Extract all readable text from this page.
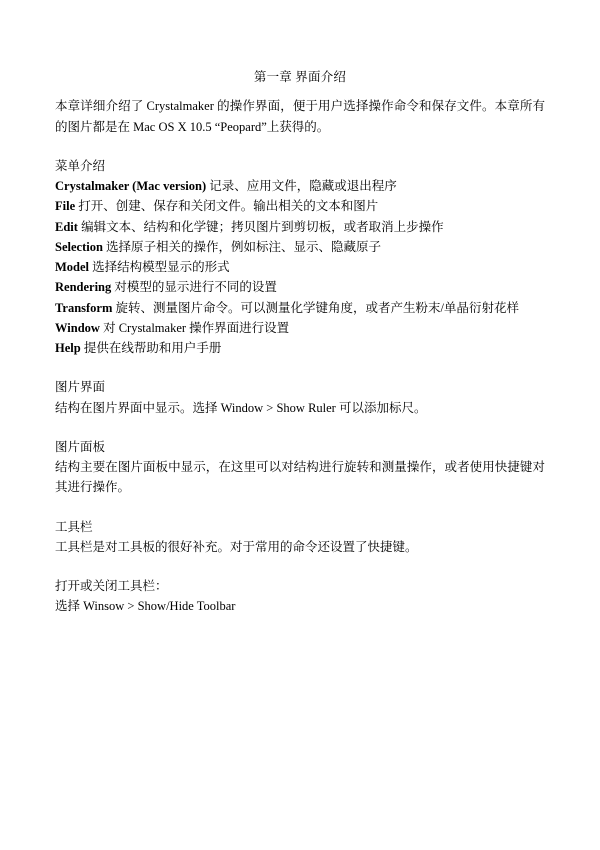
第一章 界面介绍

本章详细介绍了 Crystalmaker 的操作界面，便于用户选择操作命令和保存文件。本章所有的图片都是在 Mac OS X 10.5 “Peopard”上获得的。

菜单介绍

Crystalmaker (Mac version) 记录、应用文件，隐藏或退出程序
File 打开、创建、保存和关闭文件。输出相关的文本和图片
Edit 编辑文本、结构和化学键；拷贝图片到剪切板，或者取消上步操作
Selection 选择原子相关的操作，例如标注、显示、隐藏原子
Model 选择结构模型显示的形式
Rendering 对模型的显示进行不同的设置
Transform 旋转、测量图片命令。可以测量化学键角度，或者产生粉末/单晶衍射花样
Window 对 Crystalmaker 操作界面进行设置
Help 提供在线帮助和用户手册

图片界面

结构在图片界面中显示。选择 Window > Show Ruler 可以添加标尺。

图片面板

结构主要在图片面板中显示，在这里可以对结构进行旋转和测量操作，或者使用快捷键对其进行操作。

工具栏

工具栏是对工具板的很好补充。对于常用的命令还设置了快捷键。

打开或关闭工具栏：

选择 Winsow > Show/Hide Toolbar
